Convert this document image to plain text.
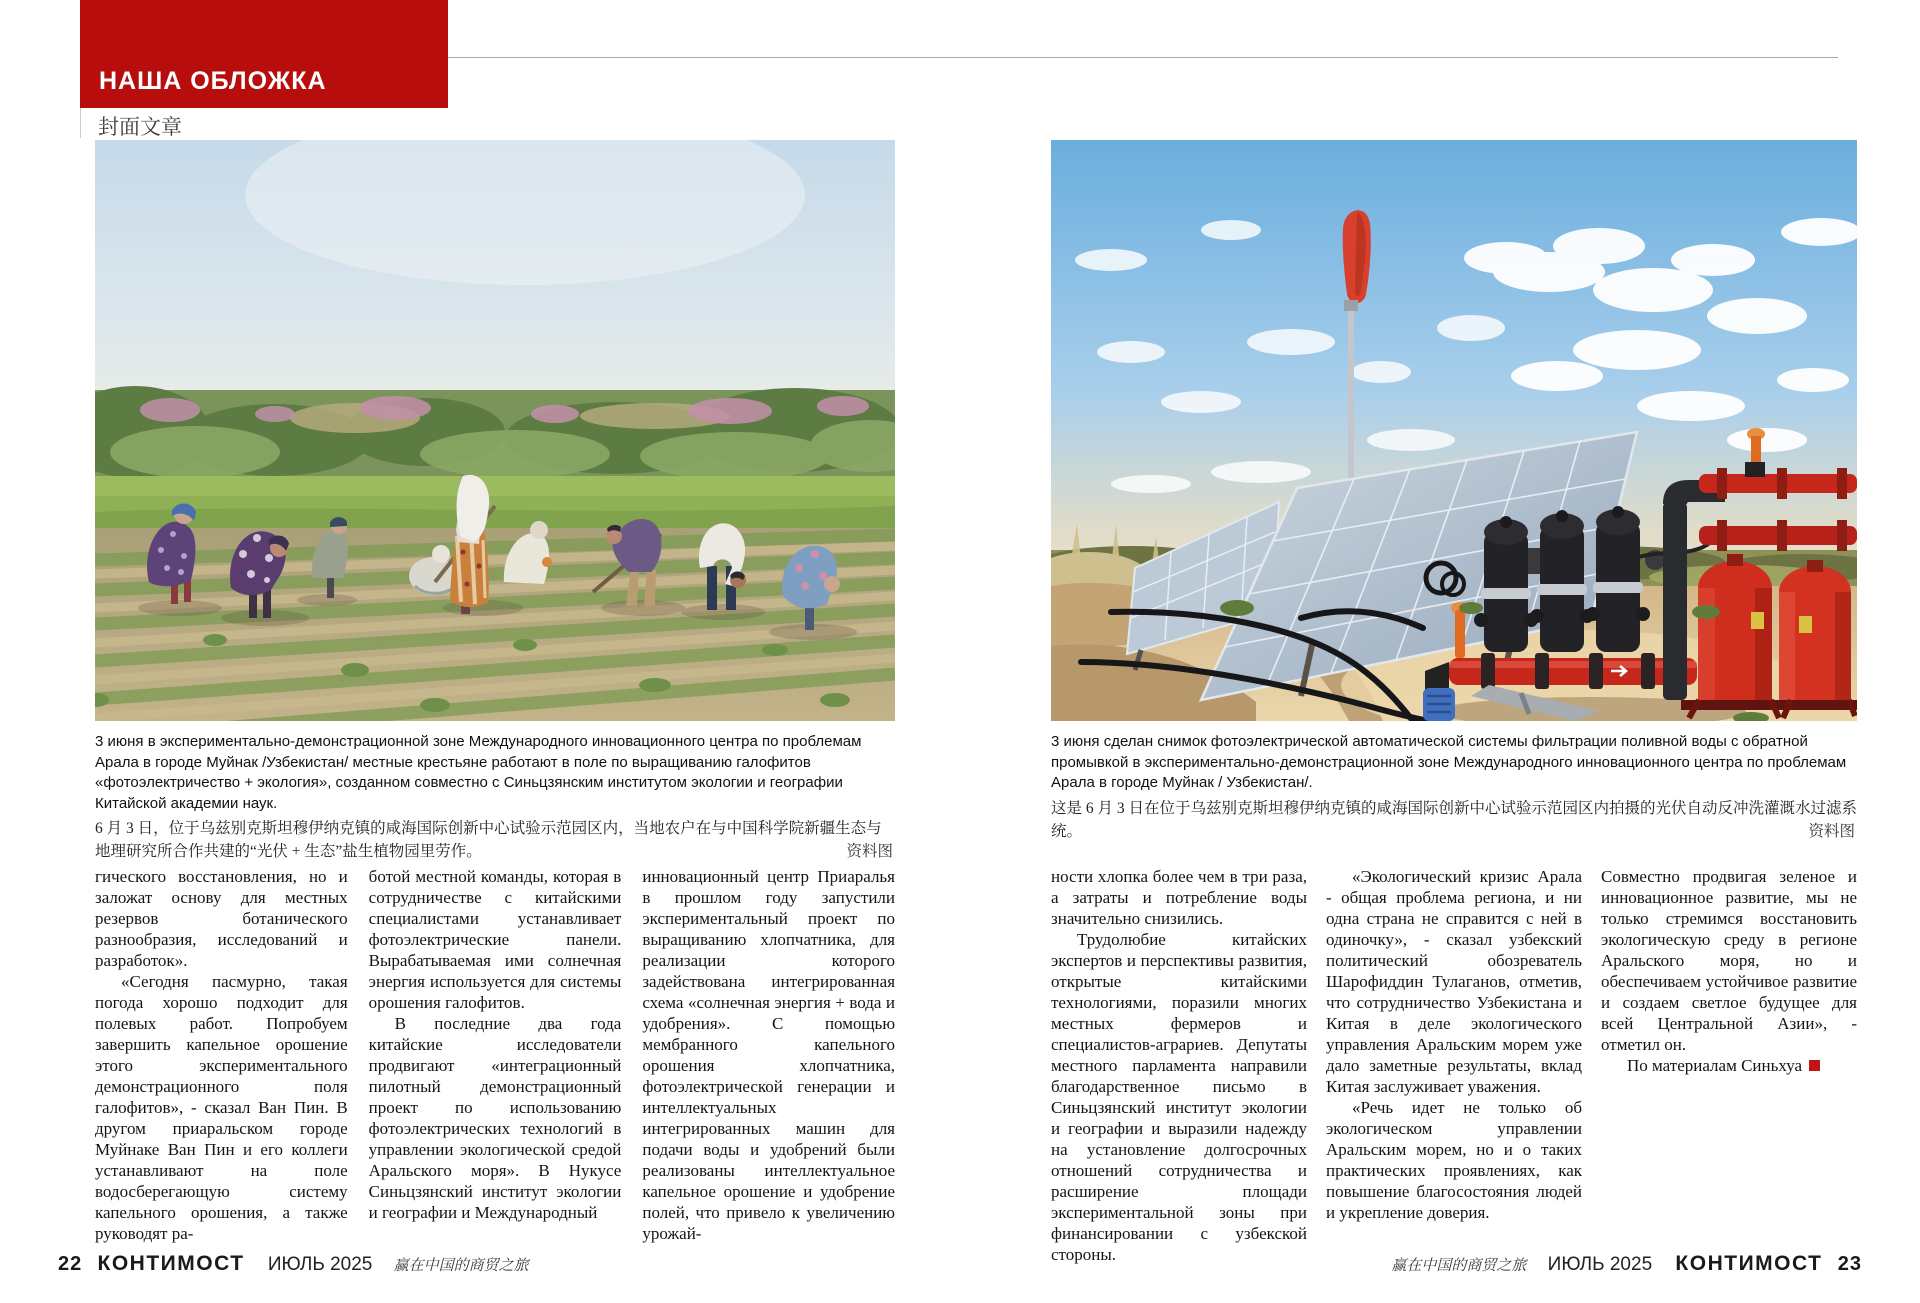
НАША ОБЛОЖКА
封面文章

3 июня в экспериментально-демонстрационной зоне Международного инновационного центра по проблемам Арала в городе Муйнак /Узбекистан/ местные крестьяне работают в поле по выращиванию галофитов «фотоэлектричество + экология», созданном совместно с Синьцзянским институтом экологии и географии Китайской академии наук.

6 月 3 日，位于乌兹别克斯坦穆伊纳克镇的咸海国际创新中心试验示范园区内，当地农户在与中国科学院新疆生态与地理研究所合作共建的“光伏 + 生态”盐生植物园里劳作。	资料图

3 июня сделан снимок фотоэлектрической автоматической системы фильтрации поливной воды с обратной промывкой в экспериментально-демонстрационной зоне Международного инновационного центра по проблемам Арала в городе Муйнак / Узбекистан/.

这是 6 月 3 日在位于乌兹别克斯坦穆伊纳克镇的咸海国际创新中心试验示范园区内拍摄的光伏自动反冲洗灌溉水过滤系统。	资料图

гического восстановления, но и заложат основу для местных резервов ботанического разнообразия, исследований и разработок».

«Сегодня пасмурно, такая погода хорошо подходит для полевых работ. Попробуем завершить капельное орошение этого экспериментального демонстрационного поля галофитов», - сказал Ван Пин. В другом приаральском городе Муйнаке Ван Пин и его коллеги устанавливают на поле водосберегающую систему капельного орошения, а также руководят ра-

ботой местной команды, которая в сотрудничестве с китайскими специалистами устанавливает фотоэлектрические панели. Вырабатываемая ими солнечная энергия используется для системы орошения галофитов.

В последние два года китайские исследователи продвигают «интеграционный пилотный демонстрационный проект по использованию фотоэлектрических технологий в управлении экологической средой Аральского моря». В Нукусе Синьцзянский институт экологии и географии и Международный

инновационный центр Приаралья в прошлом году запустили экспериментальный проект по выращиванию хлопчатника, для реализации которого задействована интегрированная схема «солнечная энергия + вода и удобрения». С помощью мембранного капельного орошения хлопчатника, фотоэлектрической генерации и интеллектуальных интегрированных машин для подачи воды и удобрений были реализованы интеллектуальное капельное орошение и удобрение полей, что привело к увеличению урожай-

ности хлопка более чем в три раза, а затраты и потребление воды значительно снизились.

Трудолюбие китайских экспертов и перспективы развития, открытые китайскими технологиями, поразили многих местных фермеров и специалистов-аграриев. Депутаты местного парламента направили благодарственное письмо в Синьцзянский институт экологии и географии и выразили надежду на установление долгосрочных отношений сотрудничества и расширение площади экспериментальной зоны при финансировании с узбекской стороны.

«Экологический кризис Арала - общая проблема региона, и ни одна страна не справится с ней в одиночку», - сказал узбекский политический обозреватель Шарофиддин Тулаганов, отметив, что сотрудничество Узбекистана и Китая в деле экологического управления Аральским морем уже дало заметные результаты, вклад Китая заслуживает уважения.

«Речь идет не только об экологическом управлении Аральским морем, но и о таких практических проявлениях, как повышение благосостояния людей и укрепление доверия.

Совместно продвигая зеленое и инновационное развитие, мы не только стремимся восстановить экологическую среду в регионе Аральского моря, но и обеспечиваем устойчивое развитие и создаем светлое будущее для всей Центральной Азии», - отметил он.

По материалам Синьхуа

22 КОНТИМОСТ ИЮЛЬ 2025 赢在中国的商贸之旅	赢在中国的商贸之旅 ИЮЛЬ 2025 КОНТИМОСТ 23
